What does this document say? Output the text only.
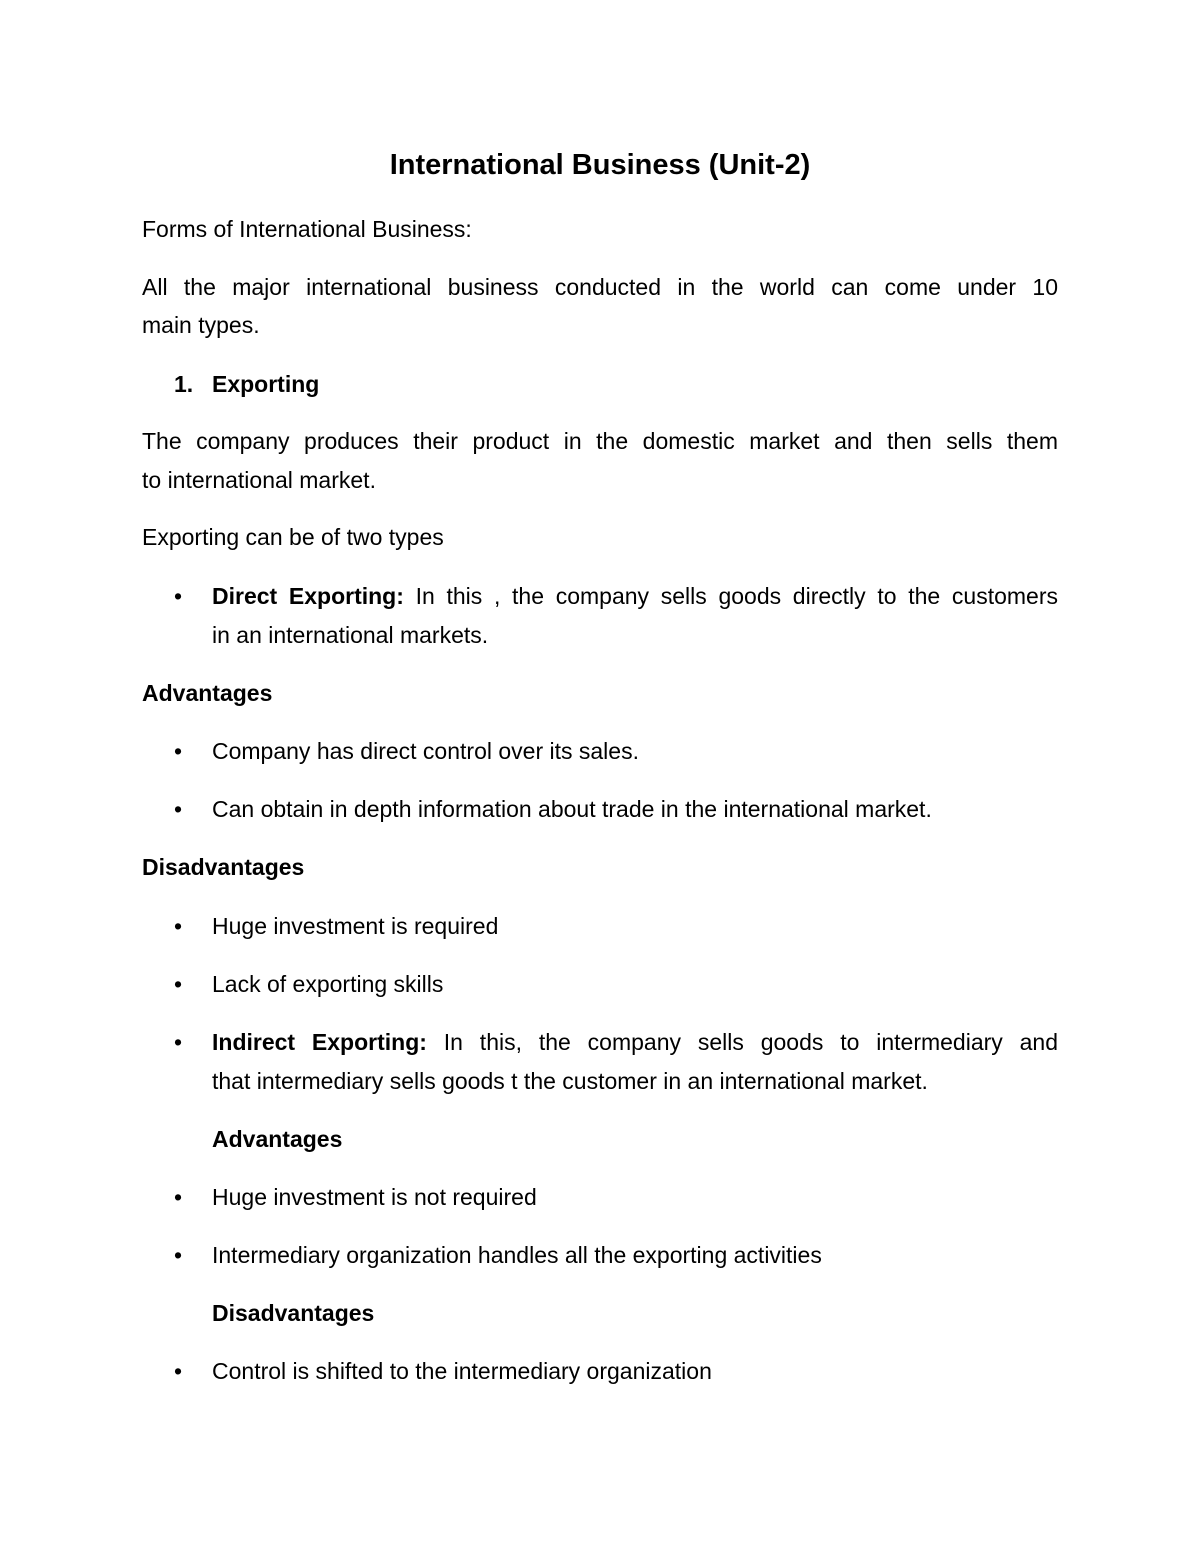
International Business (Unit-2)
Forms of International Business:
All the major international business conducted in the world can come under 10
main types.
1. Exporting
The company produces their product in the domestic market and then sells them
to international market.
Exporting can be of two types
• Direct Exporting: In this , the company sells goods directly to the customers
in an international markets.
Advantages
• Company has direct control over its sales.
• Can obtain in depth information about trade in the international market.
Disadvantages
• Huge investment is required
• Lack of exporting skills
• Indirect Exporting: In this, the company sells goods to intermediary and
that intermediary sells goods t the customer in an international market.
Advantages
• Huge investment is not required
• Intermediary organization handles all the exporting activities
Disadvantages
• Control is shifted to the intermediary organization
